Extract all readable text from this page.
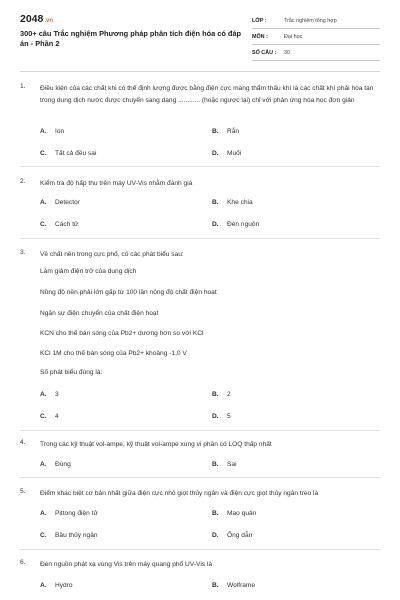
2048.vn
300+ câu Trắc nghiệm Phương pháp phân tích điện hóa có đáp án - Phần 2
LỚP :	Trắc nghiệm tổng hợp
MÔN :	Đại học
SỐ CÂU : 30
1. Điều kiện của các chất khi có thế định lượng được bằng điện cực màng thẩm thấu khí là các chất khí phải hòa tan trong dung dịch nước được chuyển sang dạng ............ (hoặc ngược lại) chỉ với phản ứng hóa học đơn giản
A. Ion	B. Rắn
C. Tất cả đều sai	D. Muối
2. Kiểm tra độ hấp thu trên máy UV-Vis nhằm đánh giá
A. Detector	B. Khe chia
C. Cách tử	D. Đèn nguồn
3. Về chất nền trong cực phổ, có các phát biểu sau:
Làm giảm điện trở của dung dịch
Nồng độ nền phải lớn gấp từ 100 lần nồng độ chất điện hoạt
Ngăn sự điện chuyển của chất điện hoạt
KCN cho thế bán sóng của Pb2+ dương hơn so với KCl
KCl 1M cho thế bán sóng của Pb2+ khoảng -1,0 V
Số phát biểu đúng là:
A. 3	B. 2
C. 4	D. 5
4. Trong các kỹ thuật vol-ampe, kỹ thuật vol-ampe xung vi phân có LOQ thấp nhất
A. Đúng	B. Sai
5. Điểm khác biệt cơ bản nhất giữa điện cực nhỏ giọt thủy ngân và điện cực giọt thủy ngân treo là
A. Pittong điện tử	B. Mao quản
C. Bầu thủy ngân	D. Ống dẫn
6. Đèn nguồn phát xạ vùng Vis trên máy quang phổ UV-Vis là
A. Hydro	B. Wolframe
